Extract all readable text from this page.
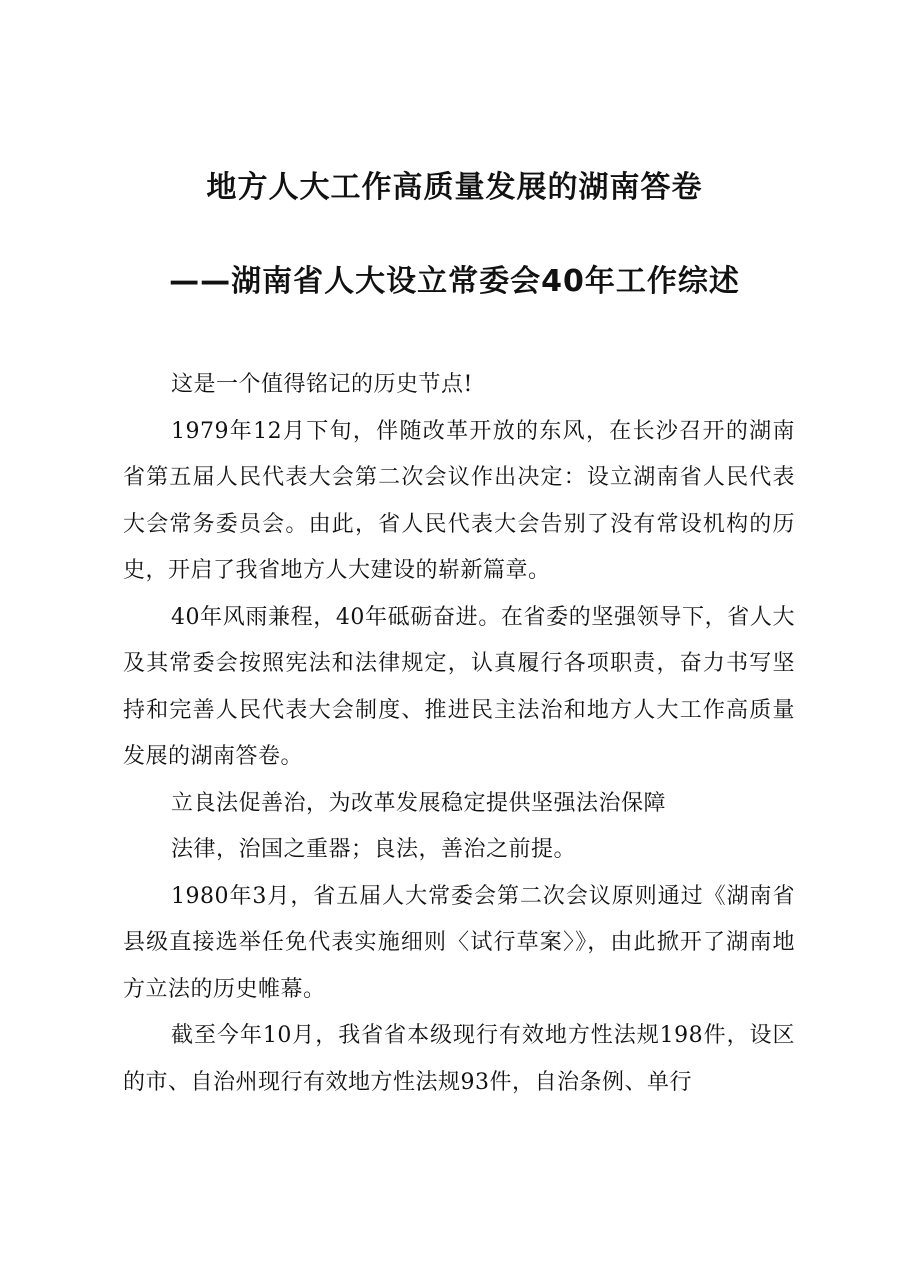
地方人大工作高质量发展的湖南答卷
——湖南省人大设立常委会40年工作综述

这是一个值得铭记的历史节点!

1979年12月下旬，伴随改革开放的东风，在长沙召开的湖南省第五届人民代表大会第二次会议作出决定：设立湖南省人民代表大会常务委员会。由此，省人民代表大会告别了没有常设机构的历史，开启了我省地方人大建设的崭新篇章。

40年风雨兼程，40年砥砺奋进。在省委的坚强领导下，省人大及其常委会按照宪法和法律规定，认真履行各项职责，奋力书写坚持和完善人民代表大会制度、推进民主法治和地方人大工作高质量发展的湖南答卷。

立良法促善治，为改革发展稳定提供坚强法治保障

法律，治国之重器；良法，善治之前提。

1980年3月，省五届人大常委会第二次会议原则通过《湖南省县级直接选举任免代表实施细则〈试行草案〉》，由此掀开了湖南地方立法的历史帷幕。

截至今年10月，我省省本级现行有效地方性法规198件，设区的市、自治州现行有效地方性法规93件，自治条例、单行
